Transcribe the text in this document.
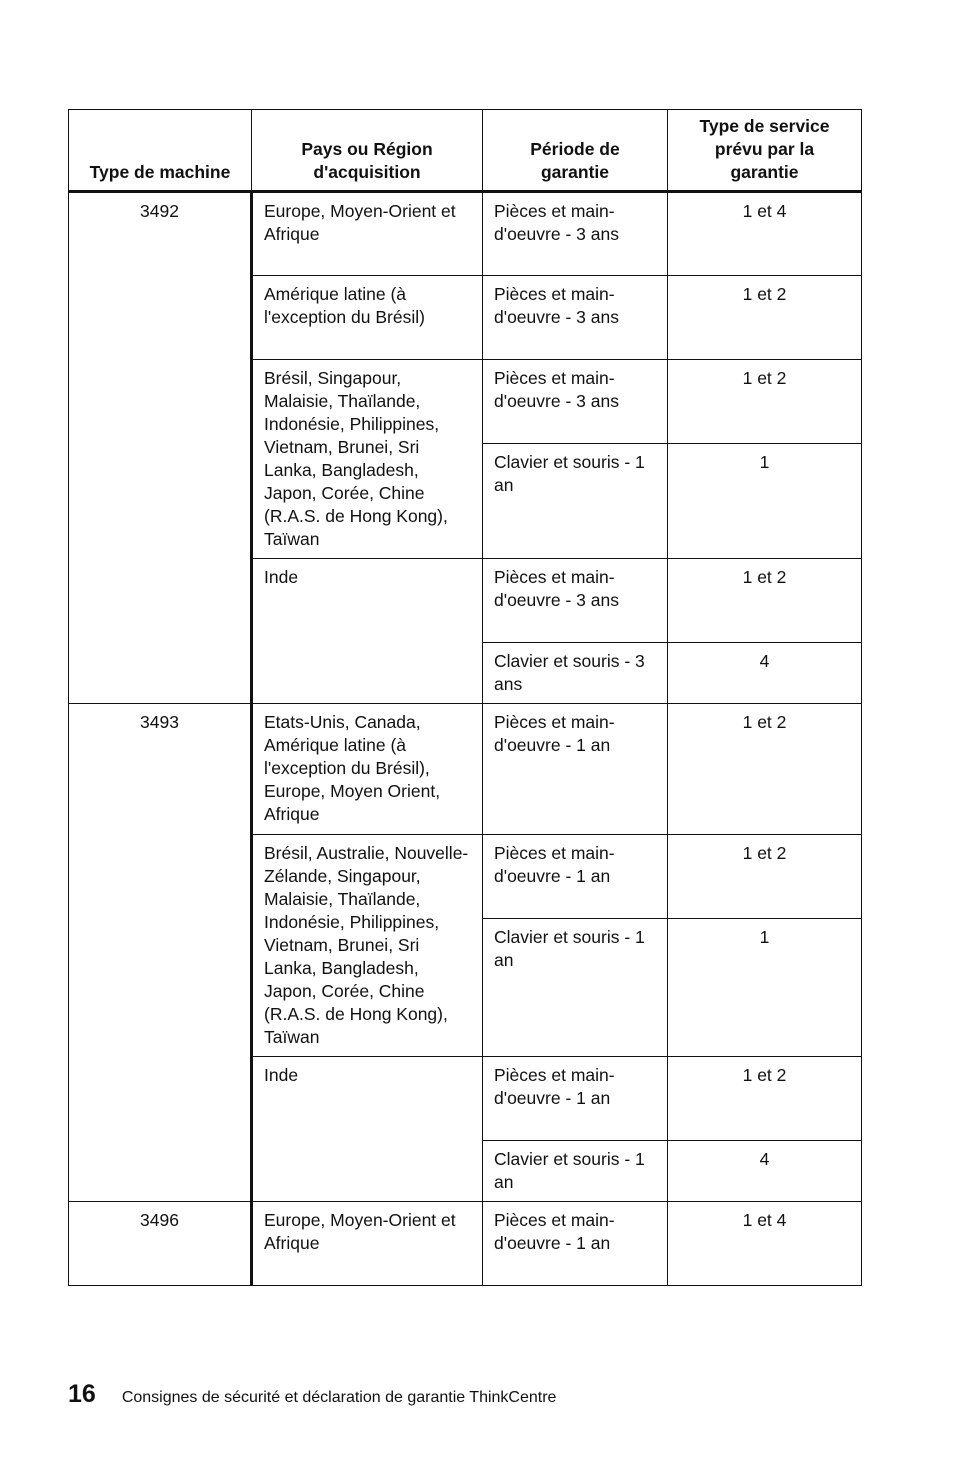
Type de machine	Pays ou Région d'acquisition	Période de garantie	Type de service prévu par la garantie
3492	Europe, Moyen-Orient et Afrique	Pièces et main-d'oeuvre - 3 ans	1 et 4
	Amérique latine (à l'exception du Brésil)	Pièces et main-d'oeuvre - 3 ans	1 et 2
	Brésil, Singapour, Malaisie, Thaïlande, Indonésie, Philippines, Vietnam, Brunei, Sri Lanka, Bangladesh, Japon, Corée, Chine (R.A.S. de Hong Kong), Taïwan	Pièces et main-d'oeuvre - 3 ans	1 et 2
		Clavier et souris - 1 an	1
	Inde	Pièces et main-d'oeuvre - 3 ans	1 et 2
		Clavier et souris - 3 ans	4
3493	Etats-Unis, Canada, Amérique latine (à l'exception du Brésil), Europe, Moyen Orient, Afrique	Pièces et main-d'oeuvre - 1 an	1 et 2
	Brésil, Australie, Nouvelle-Zélande, Singapour, Malaisie, Thaïlande, Indonésie, Philippines, Vietnam, Brunei, Sri Lanka, Bangladesh, Japon, Corée, Chine (R.A.S. de Hong Kong), Taïwan	Pièces et main-d'oeuvre - 1 an	1 et 2
		Clavier et souris - 1 an	1
	Inde	Pièces et main-d'oeuvre - 1 an	1 et 2
		Clavier et souris - 1 an	4
3496	Europe, Moyen-Orient et Afrique	Pièces et main-d'oeuvre - 1 an	1 et 4
16 Consignes de sécurité et déclaration de garantie ThinkCentre
